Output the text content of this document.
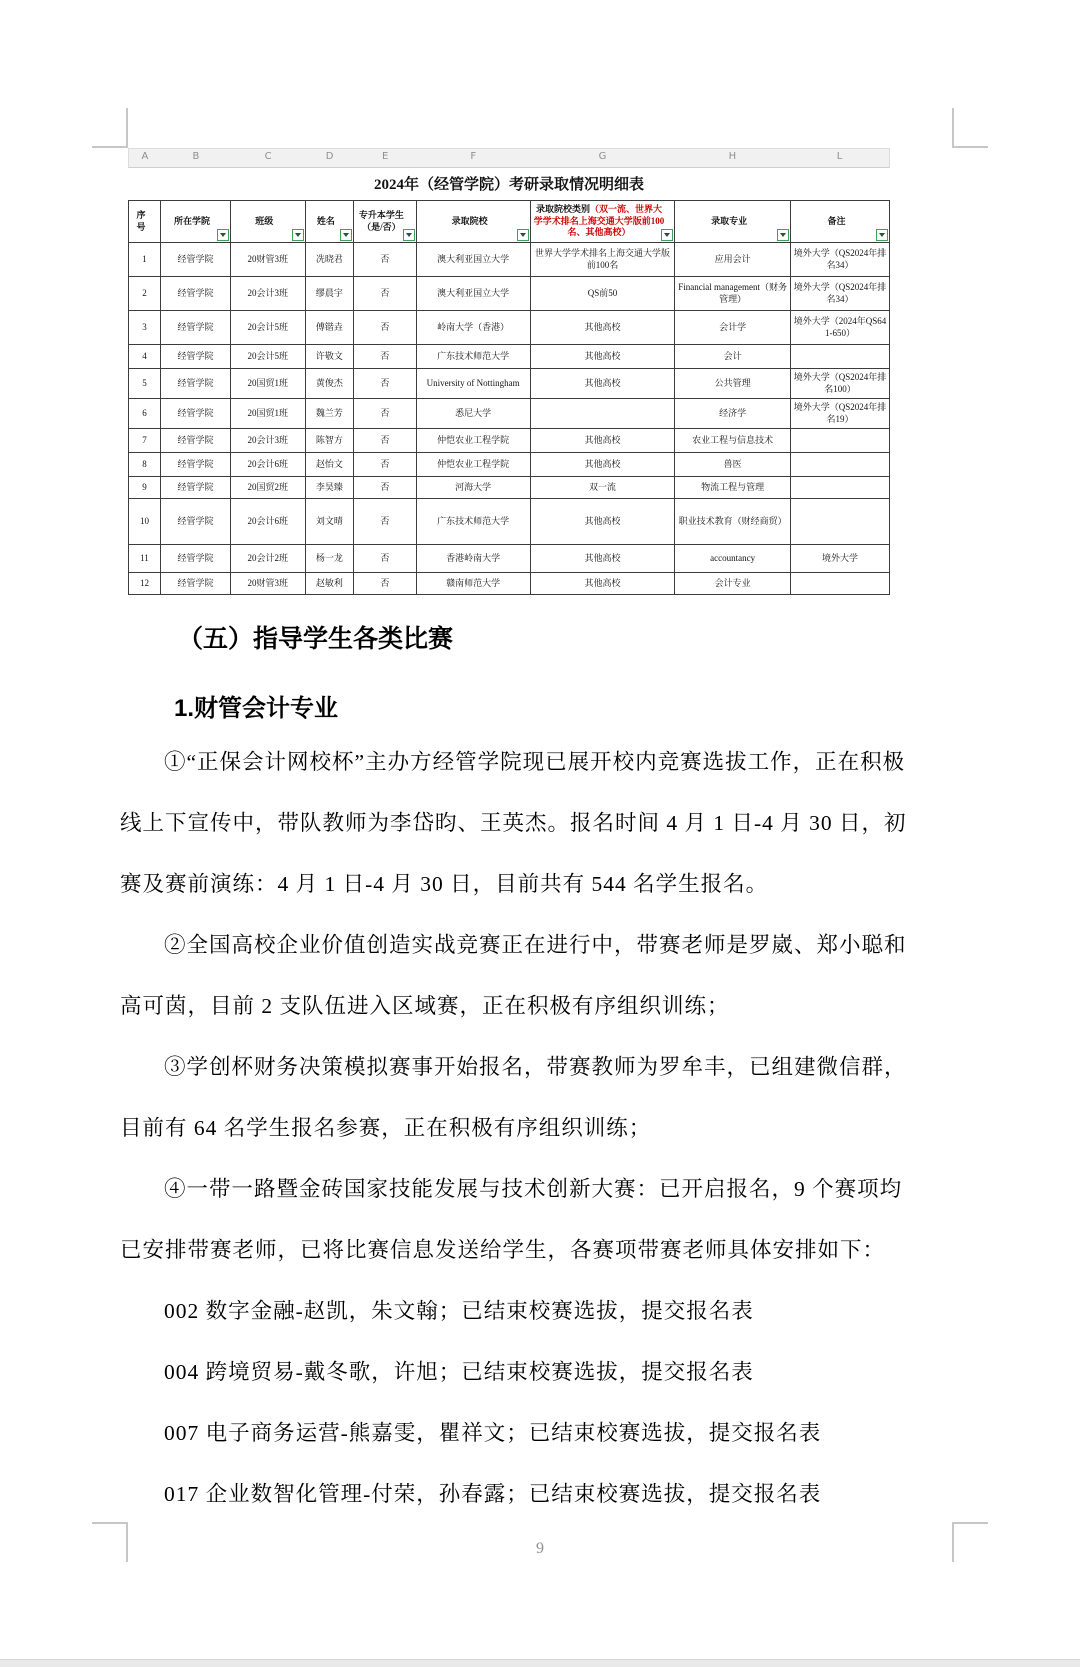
A	B	C	D	E	F	G	H	L
2024年（经管学院）考研录取情况明细表
序号	所在学院	班级	姓名	专升本学生（是/否）	录取院校	录取院校类别（双一流、世界大学学术排名上海交通大学版前100名、其他高校）	录取专业	备注

1	经管学院	20财管3班	冼晓君	否	澳大利亚国立大学	世界大学学术排名上海交通大学版前100名	应用会计	境外大学（QS2024年排名34）
2	经管学院	20会计3班	缪晨宇	否	澳大利亚国立大学	QS前50	Financial management（财务管理）	境外大学（QS2024年排名34）
3	经管学院	20会计5班	傅锴垚	否	岭南大学（香港）	其他高校	会计学	境外大学（2024年QS641-650）
4	经管学院	20会计5班	许敬文	否	广东技术师范大学	其他高校	会计	
5	经管学院	20国贸1班	黄俊杰	否	University of Nottingham	其他高校	公共管理	境外大学（QS2024年排名100）
6	经管学院	20国贸1班	魏兰芳	否	悉尼大学		经济学	境外大学（QS2024年排名19）
7	经管学院	20会计3班	陈智方	否	仲恺农业工程学院	其他高校	农业工程与信息技术	
8	经管学院	20会计6班	赵怡文	否	仲恺农业工程学院	其他高校	兽医	
9	经管学院	20国贸2班	李昊臻	否	河海大学	双一流	物流工程与管理	
10	经管学院	20会计6班	刘文晴	否	广东技术师范大学	其他高校	职业技术教育（财经商贸）	
11	经管学院	20会计2班	杨一龙	否	香港岭南大学	其他高校	accountancy	境外大学
12	经管学院	20财管3班	赵敏利	否	赣南师范大学	其他高校	会计专业	
（五）指导学生各类比赛
1.财管会计专业
①“正保会计网校杯”主办方经管学院现已展开校内竞赛选拔工作，正在积极
线上下宣传中，带队教师为李岱昀、王英杰。报名时间 4 月 1 日-4 月 30 日，初
赛及赛前演练：4 月 1 日-4 月 30 日，目前共有 544 名学生报名。
②全国高校企业价值创造实战竞赛正在进行中，带赛老师是罗崴、郑小聪和
高可茵，目前 2 支队伍进入区域赛，正在积极有序组织训练；
③学创杯财务决策模拟赛事开始报名，带赛教师为罗牟丰，已组建微信群，
目前有 64 名学生报名参赛，正在积极有序组织训练；
④一带一路暨金砖国家技能发展与技术创新大赛：已开启报名，9 个赛项均
已安排带赛老师，已将比赛信息发送给学生，各赛项带赛老师具体安排如下：
002 数字金融-赵凯，朱文翰；已结束校赛选拔，提交报名表
004 跨境贸易-戴冬歌，许旭；已结束校赛选拔，提交报名表
007 电子商务运营-熊嘉雯，瞿祥文；已结束校赛选拔，提交报名表
017 企业数智化管理-付荣，孙春露；已结束校赛选拔，提交报名表
9
